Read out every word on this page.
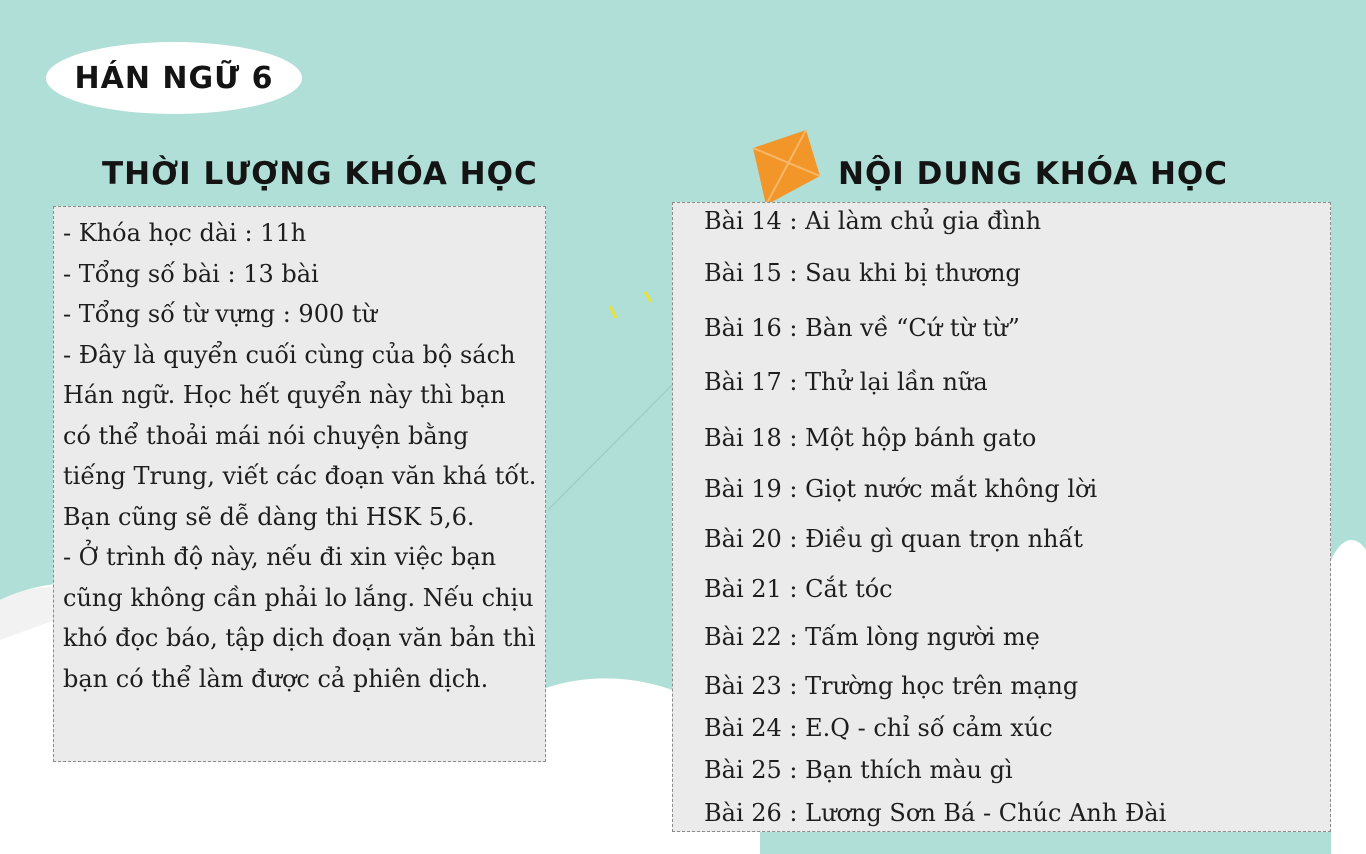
HÁN NGỮ 6
THỜI LƯỢNG KHÓA HỌC	NỘI DUNG KHÓA HỌC

- Khóa học dài : 11h

- Tổng số bài : 13 bài

- Tổng số từ vựng : 900 từ

- Đây là quyển cuối cùng của bộ sách

Hán ngữ. Học hết quyển này thì bạn

có thể thoải mái nói chuyện bằng

tiếng Trung, viết các đoạn văn khá tốt.

Bạn cũng sẽ dễ dàng thi HSK 5,6.

- Ở trình độ này, nếu đi xin việc bạn

cũng không cần phải lo lắng. Nếu chịu

khó đọc báo, tập dịch đoạn văn bản thì

bạn có thể làm được cả phiên dịch.

Bài 14 : Ai làm chủ gia đình
Bài 15 : Sau khi bị thương
Bài 16 : Bàn về “Cứ từ từ”
Bài 17 : Thử lại lần nữa
Bài 18 : Một hộp bánh gato
Bài 19 : Giọt nước mắt không lời
Bài 20 : Điều gì quan trọn nhất
Bài 21 : Cắt tóc
Bài 22 : Tấm lòng người mẹ
Bài 23 : Trường học trên mạng
Bài 24 : E.Q - chỉ số cảm xúc
Bài 25 : Bạn thích màu gì
Bài 26 : Lương Sơn Bá - Chúc Anh Đài
